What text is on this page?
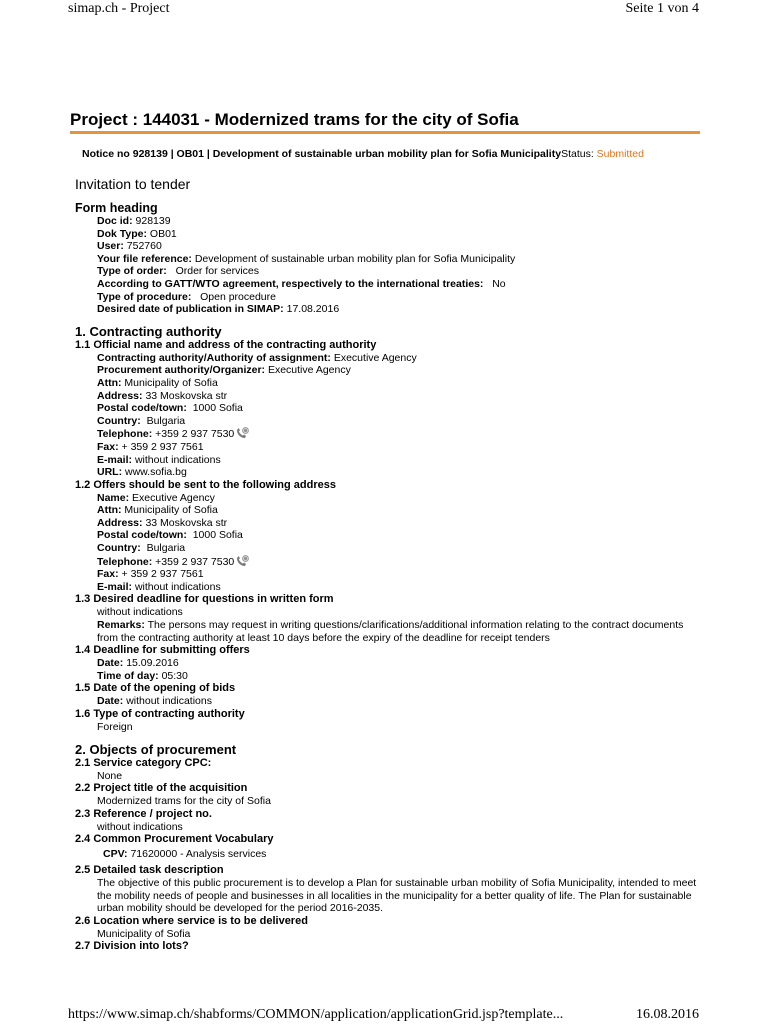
simap.ch - Project	Seite 1 von 4
Project : 144031 - Modernized trams for the city of Sofia
Notice no 928139 | OB01 | Development of sustainable urban mobility plan for Sofia MunicipalityStatus: Submitted
Invitation to tender
Form heading
Doc id: 928139
Dok Type: OB01
User: 752760
Your file reference: Development of sustainable urban mobility plan for Sofia Municipality
Type of order: Order for services
According to GATT/WTO agreement, respectively to the international treaties: No
Type of procedure: Open procedure
Desired date of publication in SIMAP: 17.08.2016
1. Contracting authority
1.1 Official name and address of the contracting authority
Contracting authority/Authority of assignment: Executive Agency
Procurement authority/Organizer: Executive Agency
Attn: Municipality of Sofia
Address: 33 Moskovska str
Postal code/town: 1000 Sofia
Country: Bulgaria
Telephone: +359 2 937 7530
Fax: + 359 2 937 7561
E-mail: without indications
URL: www.sofia.bg
1.2 Offers should be sent to the following address
Name: Executive Agency
Attn: Municipality of Sofia
Address: 33 Moskovska str
Postal code/town: 1000 Sofia
Country: Bulgaria
Telephone: +359 2 937 7530
Fax: + 359 2 937 7561
E-mail: without indications
1.3 Desired deadline for questions in written form
without indications
Remarks: The persons may request in writing questions/clarifications/additional information relating to the contract documents from the contracting authority at least 10 days before the expiry of the deadline for receipt tenders
1.4 Deadline for submitting offers
Date: 15.09.2016
Time of day: 05:30
1.5 Date of the opening of bids
Date: without indications
1.6 Type of contracting authority
Foreign
2. Objects of procurement
2.1 Service category CPC:
None
2.2 Project title of the acquisition
Modernized trams for the city of Sofia
2.3 Reference / project no.
without indications
2.4 Common Procurement Vocabulary
CPV: 71620000 - Analysis services
2.5 Detailed task description
The objective of this public procurement is to develop a Plan for sustainable urban mobility of Sofia Municipality, intended to meet the mobility needs of people and businesses in all localities in the municipality for a better quality of life. The Plan for sustainable urban mobility should be developed for the period 2016-2035.
2.6 Location where service is to be delivered
Municipality of Sofia
2.7 Division into lots?
https://www.simap.ch/shabforms/COMMON/application/applicationGrid.jsp?template...	16.08.2016
